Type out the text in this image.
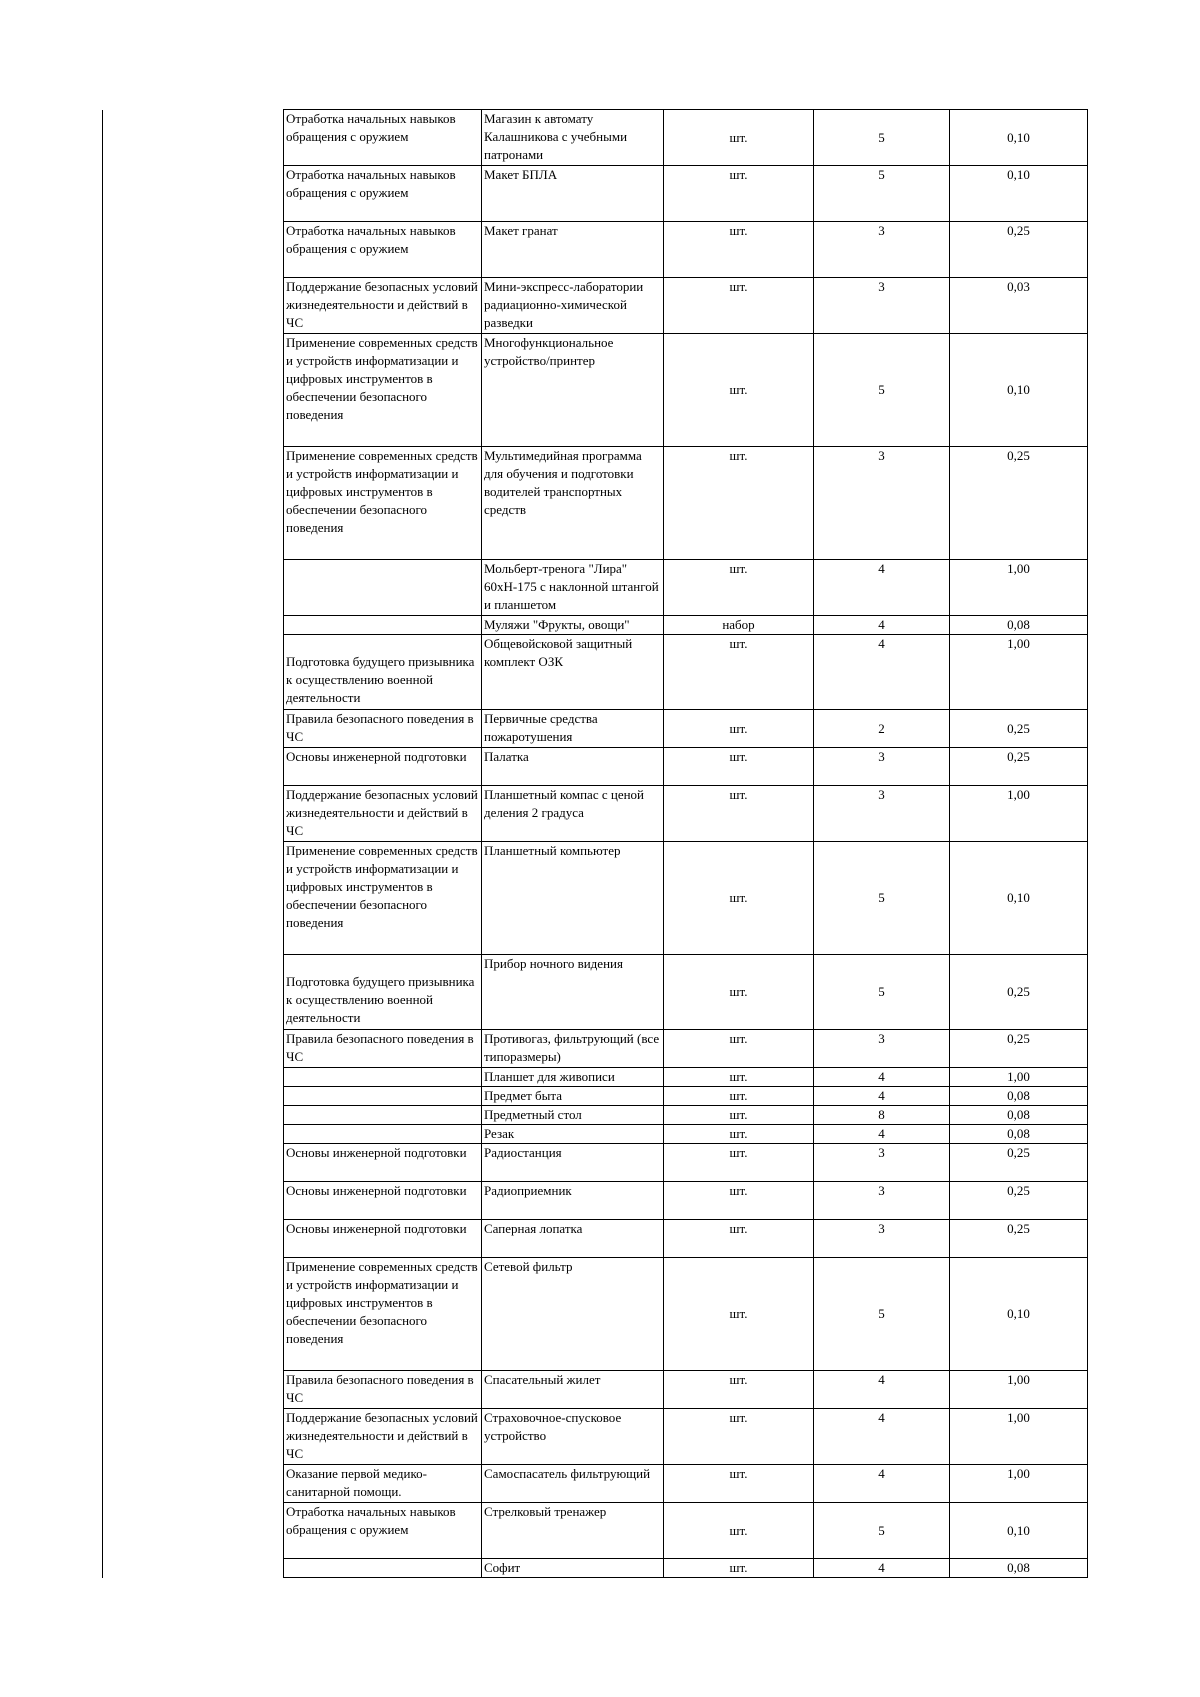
Отработка начальных навыков обращения с оружием	Магазин к автомату Калашникова с учебными патронами	шт.	5	0,10
Отработка начальных навыков обращения с оружием	Макет БПЛА	шт.	5	0,10
Отработка начальных навыков обращения с оружием	Макет гранат	шт.	3	0,25
Поддержание безопасных условий жизнедеятельности и действий в ЧС	Мини-экспресс-лаборатории радиационно-химической разведки	шт.	3	0,03
Применение современных средств и устройств информатизации и цифровых инструментов в обеспечении безопасного поведения	Многофункциональное устройство/принтер	шт.	5	0,10
Применение современных средств и устройств информатизации и цифровых инструментов в обеспечении безопасного поведения	Мультимедийная программа для обучения и подготовки водителей транспортных средств	шт.	3	0,25
	Мольберт-тренога "Лира" 60хН-175 с наклонной штангой и планшетом	шт.	4	1,00
	Муляжи "Фрукты, овощи"	набор	4	0,08

Подготовка будущего призывника к осуществлению военной деятельности	Общевойсковой защитный комплект ОЗК	шт.	4	1,00
Правила безопасного поведения в ЧС	Первичные средства пожаротушения	шт.	2	0,25
Основы инженерной подготовки	Палатка	шт.	3	0,25
Поддержание безопасных условий жизнедеятельности и действий в ЧС	Планшетный компас с ценой деления 2 градуса	шт.	3	1,00
Применение современных средств и устройств информатизации и цифровых инструментов в обеспечении безопасного поведения	Планшетный компьютер	шт.	5	0,10

Подготовка будущего призывника к осуществлению военной деятельности	Прибор ночного видения	шт.	5	0,25
Правила безопасного поведения в ЧС	Противогаз, фильтрующий (все типоразмеры)	шт.	3	0,25
	Планшет для живописи	шт.	4	1,00
	Предмет быта	шт.	4	0,08
	Предметный стол	шт.	8	0,08
	Резак	шт.	4	0,08
Основы инженерной подготовки	Радиостанция	шт.	3	0,25
Основы инженерной подготовки	Радиоприемник	шт.	3	0,25
Основы инженерной подготовки	Саперная лопатка	шт.	3	0,25
Применение современных средств и устройств информатизации и цифровых инструментов в обеспечении безопасного поведения	Сетевой фильтр	шт.	5	0,10
Правила безопасного поведения в ЧС	Спасательный жилет	шт.	4	1,00
Поддержание безопасных условий жизнедеятельности и действий в ЧС	Страховочное-спусковое устройство	шт.	4	1,00
Оказание первой медико-санитарной помощи.	Самоспасатель фильтрующий	шт.	4	1,00
Отработка начальных навыков обращения с оружием	Стрелковый тренажер	шт.	5	0,10
	Софит	шт.	4	0,08
